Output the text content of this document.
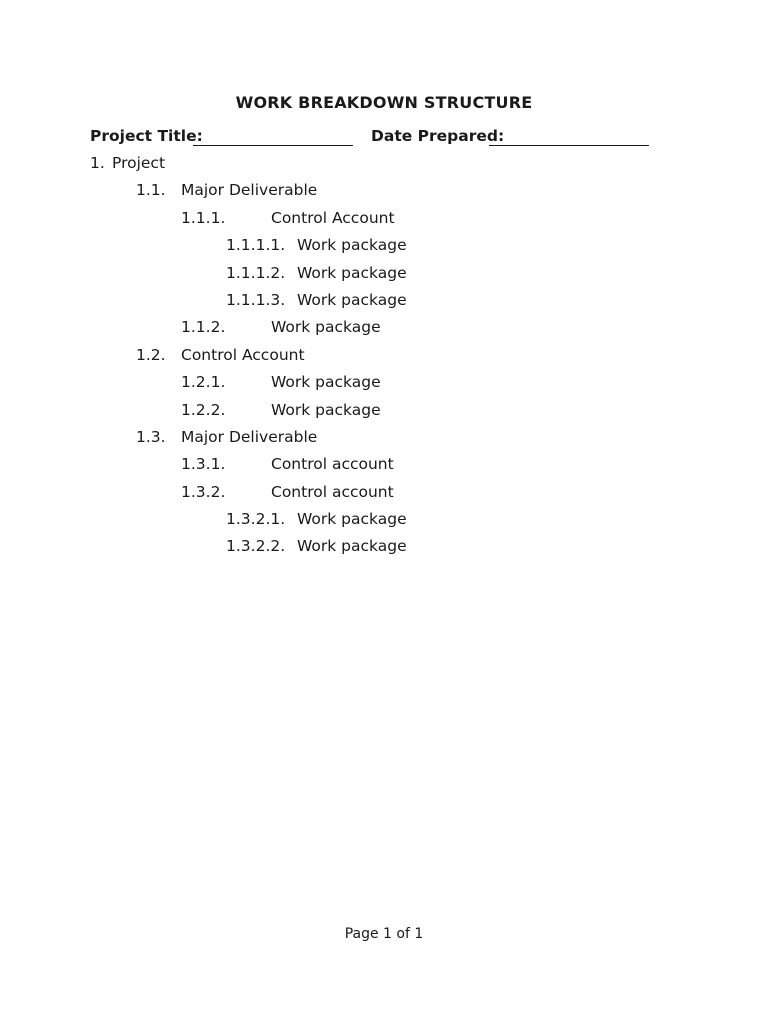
WORK BREAKDOWN STRUCTURE
Project Title:	Date Prepared:
1. Project
1.1. Major Deliverable
1.1.1.	Control Account
1.1.1.1. Work package
1.1.1.2. Work package
1.1.1.3. Work package
1.1.2.	Work package
1.2. Control Account
1.2.1.	Work package
1.2.2.	Work package
1.3. Major Deliverable
1.3.1.	Control account
1.3.2.	Control account
1.3.2.1. Work package
1.3.2.2. Work package
Page 1 of 1
